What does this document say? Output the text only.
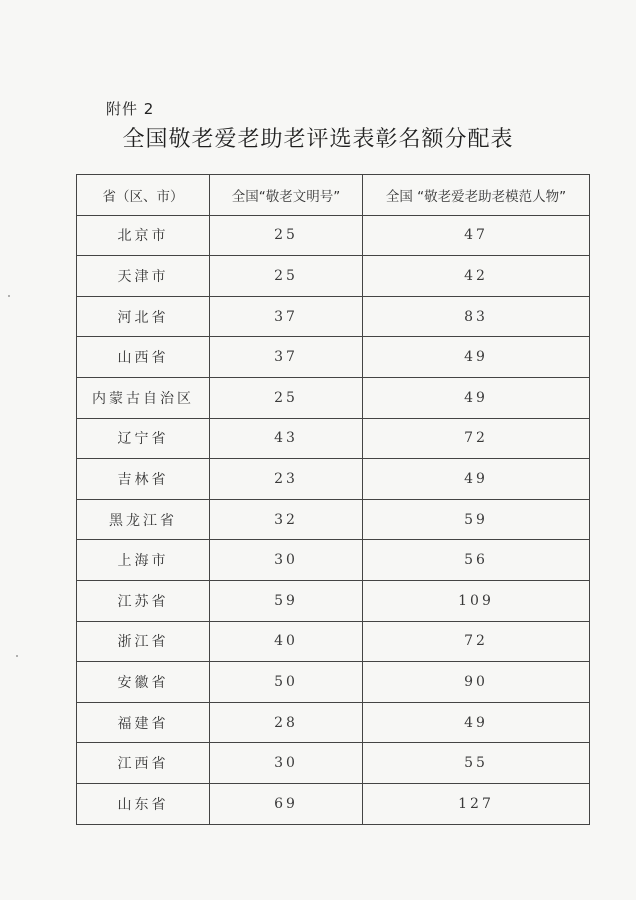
附件 2
全国敬老爱老助老评选表彰名额分配表
省（区、市）	全国“敬老文明号”	全国 “敬老爱老助老模范人物”
北京市	25	47
天津市	25	42
河北省	37	83
山西省	37	49
内蒙古自治区	25	49
辽宁省	43	72
吉林省	23	49
黑龙江省	32	59
上海市	30	56
江苏省	59	109
浙江省	40	72
安徽省	50	90
福建省	28	49
江西省	30	55
山东省	69	127
